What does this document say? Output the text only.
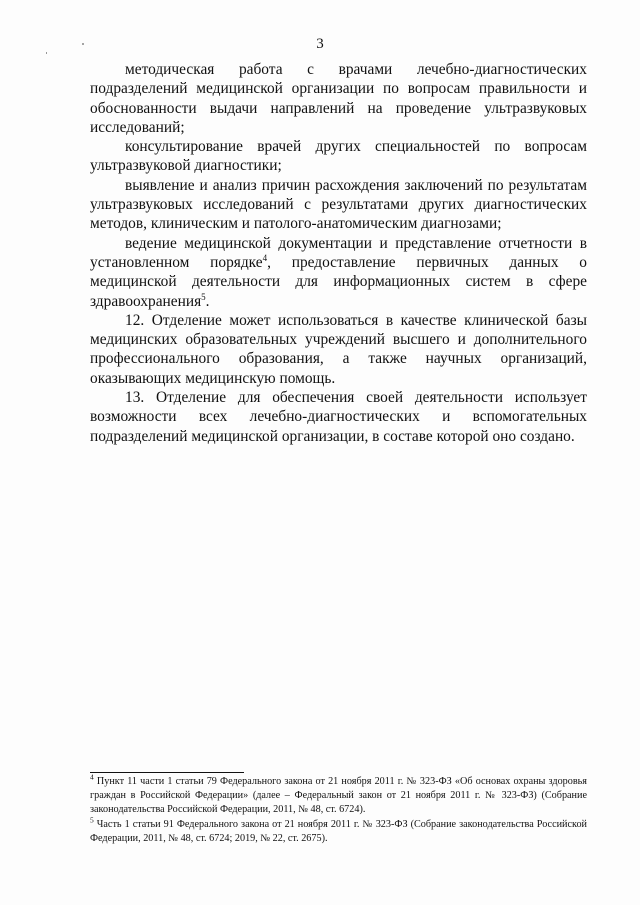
3

методическая работа с врачами лечебно-диагностических подразделений медицинской организации по вопросам правильности и обоснованности выдачи направлений на проведение ультразвуковых исследований;

консультирование врачей других специальностей по вопросам ультразвуковой диагностики;

выявление и анализ причин расхождения заключений по результатам ультразвуковых исследований с результатами других диагностических методов, клиническим и патолого-анатомическим диагнозами;

ведение медицинской документации и представление отчетности в установленном порядке$^4$, предоставление первичных данных о медицинской деятельности для информационных систем в сфере здравоохранения$^5$.

12. Отделение может использоваться в качестве клинической базы медицинских образовательных учреждений высшего и дополнительного профессионального образования, а также научных организаций, оказывающих медицинскую помощь.

13. Отделение для обеспечения своей деятельности использует возможности всех лечебно-диагностических и вспомогательных подразделений медицинской организации, в составе которой оно создано.

$^4$ Пункт 11 части 1 статьи 79 Федерального закона от 21 ноября 2011 г. № 323-ФЗ «Об основах охраны здоровья граждан в Российской Федерации» (далее – Федеральный закон от 21 ноября 2011 г. № 323-ФЗ) (Собрание законодательства Российской Федерации, 2011, № 48, ст. 6724).

$^5$ Часть 1 статьи 91 Федерального закона от 21 ноября 2011 г. № 323-ФЗ (Собрание законодательства Российской Федерации, 2011, № 48, ст. 6724; 2019, № 22, ст. 2675).
